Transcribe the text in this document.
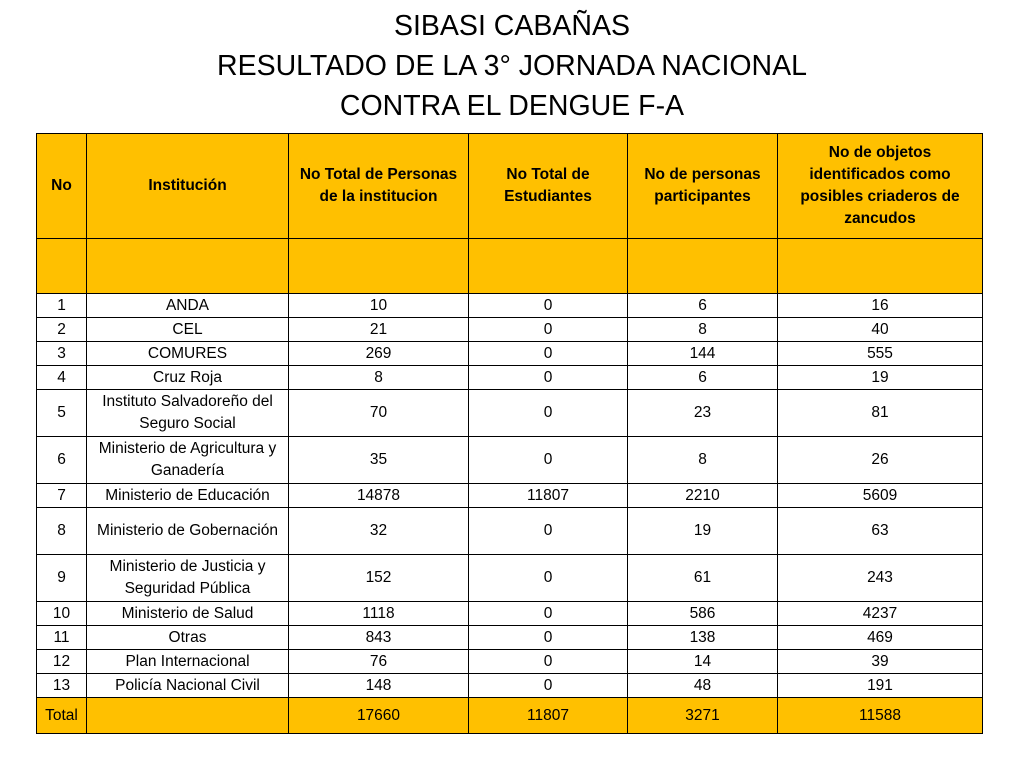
SIBASI CABAÑAS
RESULTADO DE LA 3° JORNADA NACIONAL
CONTRA EL DENGUE F-A
No	Institución	No Total de Personas de la institucion	No Total de Estudiantes	No de personas participantes	No de objetos identificados como posibles criaderos de zancudos

1	ANDA	10	0	6	16
2	CEL	21	0	8	40
3	COMURES	269	0	144	555
4	Cruz Roja	8	0	6	19
5	Instituto Salvadoreño del Seguro Social	70	0	23	81
6	Ministerio de Agricultura y Ganadería	35	0	8	26
7	Ministerio de Educación	14878	11807	2210	5609
8	Ministerio de Gobernación	32	0	19	63
9	Ministerio de Justicia y Seguridad Pública	152	0	61	243
10	Ministerio de Salud	1118	0	586	4237
11	Otras	843	0	138	469
12	Plan Internacional	76	0	14	39
13	Policía Nacional Civil	148	0	48	191
Total		17660	11807	3271	11588
